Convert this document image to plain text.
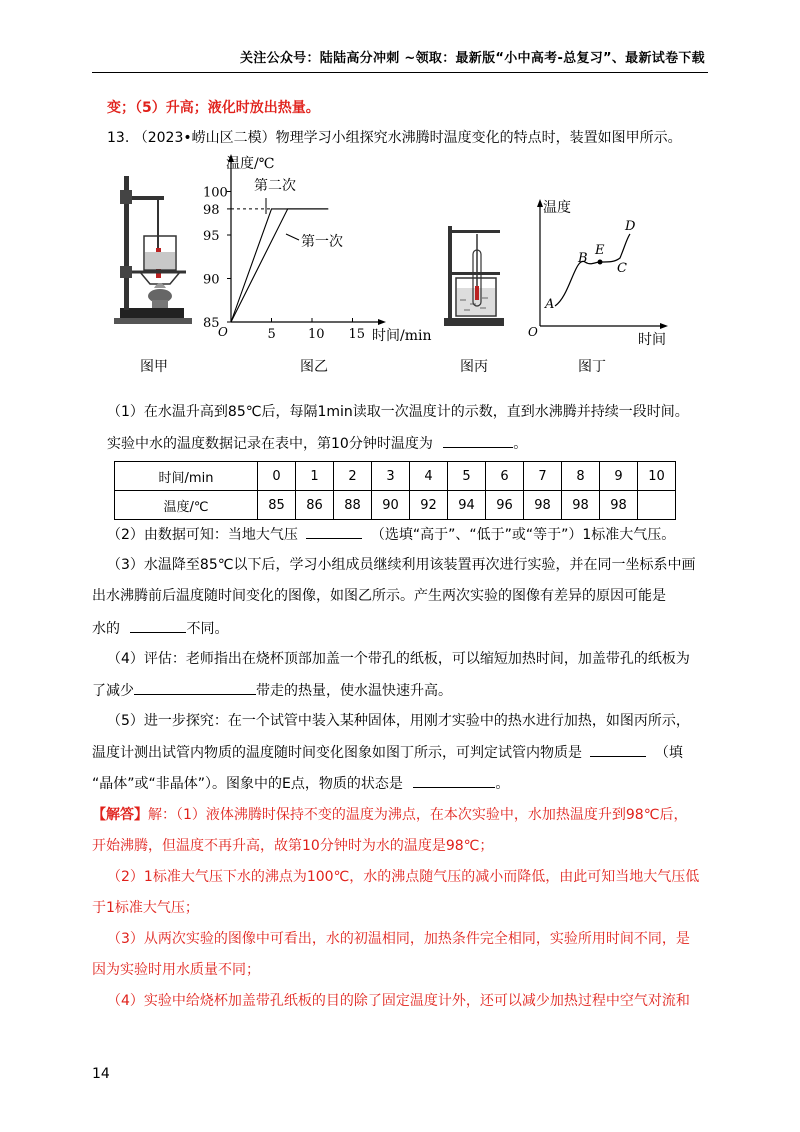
关注公众号：陆陆高分冲刺 ~领取：最新版“小中高考-总复习”、最新试卷下载
变；（5）升高；液化时放出热量。
13. （2023•崂山区二模）物理学习小组探究水沸腾时温度变化的特点时，装置如图甲所示。
图甲
温度/℃
时间/min
O
100
98
95
90
85
5 10 15
第二次
第一次
图乙	图丙
温度
时间
O
A
B
E
C
D
图丁
（1）在水温升高到85℃后，每隔1min读取一次温度计的示数，直到水沸腾并持续一段时间。
实验中水的温度数据记录在表中，第10分钟时温度为	。
时间/min	0	1	2	3	4	5	6	7	8	9	10
温度/℃	85	86	88	90	92	94	96	98	98	98	
（2）由数据可知：当地大气压	（选填“高于”、“低于”或“等于”）1标准大气压。
（3）水温降至85℃以下后，学习小组成员继续利用该装置再次进行实验，并在同一坐标系中画
出水沸腾前后温度随时间变化的图像，如图乙所示。产生两次实验的图像有差异的原因可能是
水的	不同。
（4）评估：老师指出在烧杯顶部加盖一个带孔的纸板，可以缩短加热时间，加盖带孔的纸板为
了减少	带走的热量，使水温快速升高。
（5）进一步探究：在一个试管中装入某种固体，用刚才实验中的热水进行加热，如图丙所示，
温度计测出试管内物质的温度随时间变化图象如图丁所示，可判定试管内物质是	（填
“晶体”或“非晶体”）。图象中的E点，物质的状态是	。
【解答】解：（1）液体沸腾时保持不变的温度为沸点，在本次实验中，水加热温度升到98℃后，
开始沸腾，但温度不再升高，故第10分钟时为水的温度是98℃；
（2）1标准大气压下水的沸点为100℃，水的沸点随气压的减小而降低，由此可知当地大气压低
于1标准大气压；
（3）从两次实验的图像中可看出，水的初温相同，加热条件完全相同，实验所用时间不同，是
因为实验时用水质量不同；
（4）实验中给烧杯加盖带孔纸板的目的除了固定温度计外，还可以减少加热过程中空气对流和
14
